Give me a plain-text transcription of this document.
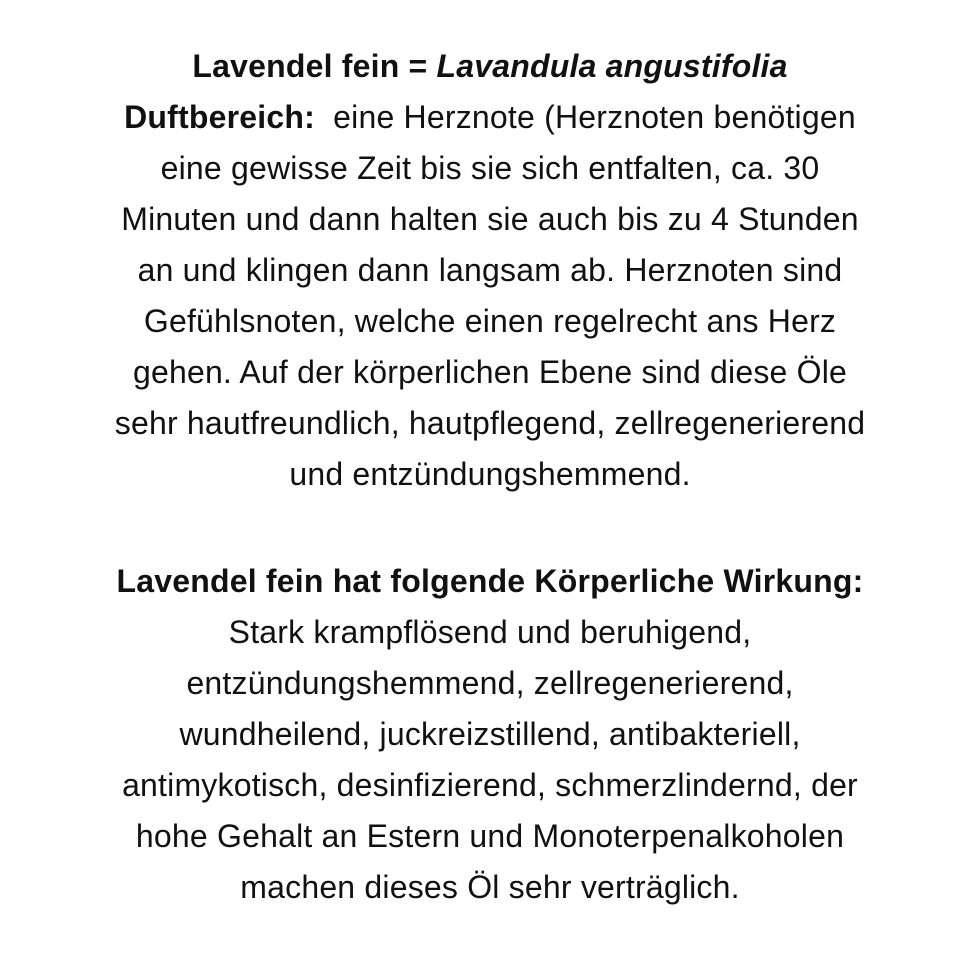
Lavendel fein = Lavandula angustifolia
Duftbereich: eine Herznote (Herznoten benötigen
eine gewisse Zeit bis sie sich entfalten, ca. 30
Minuten und dann halten sie auch bis zu 4 Stunden
an und klingen dann langsam ab. Herznoten sind
Gefühlsnoten, welche einen regelrecht ans Herz
gehen. Auf der körperlichen Ebene sind diese Öle
sehr hautfreundlich, hautpflegend, zellregenerierend
und entzündungshemmend.
Lavendel fein hat folgende Körperliche Wirkung:
Stark krampflösend und beruhigend,
entzündungshemmend, zellregenerierend,
wundheilend, juckreizstillend, antibakteriell,
antimykotisch, desinfizierend, schmerzlindernd, der
hohe Gehalt an Estern und Monoterpenalkoholen
machen dieses Öl sehr verträglich.
